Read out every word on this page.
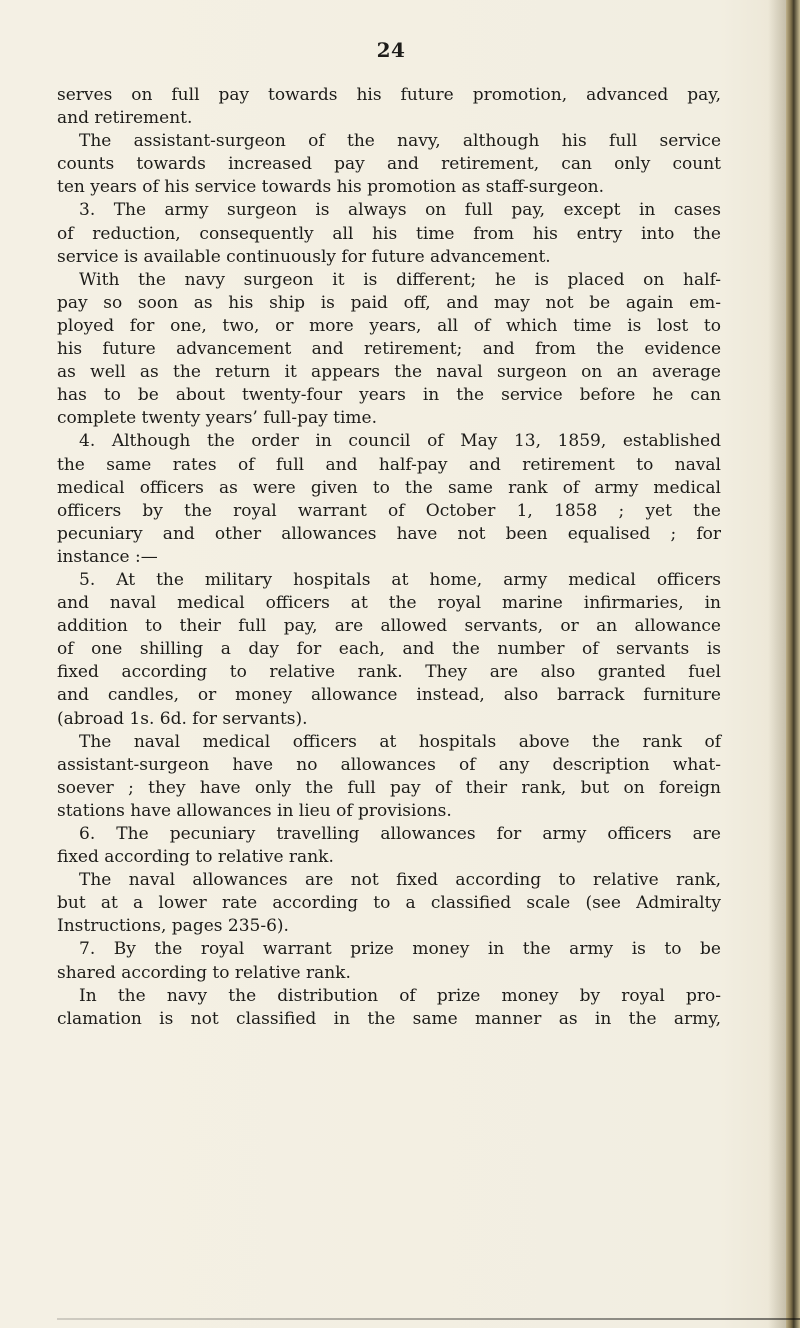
24
serves on full pay towards his future promotion, advanced pay,
and retirement.
The assistant-surgeon of the navy, although his full service
counts towards increased pay and retirement, can only count
ten years of his service towards his promotion as staff-surgeon.
3. The army surgeon is always on full pay, except in cases
of reduction, consequently all his time from his entry into the
service is available continuously for future advancement.
With the navy surgeon it is different; he is placed on half-
pay so soon as his ship is paid off, and may not be again em-
ployed for one, two, or more years, all of which time is lost to
his future advancement and retirement; and from the evidence
as well as the return it appears the naval surgeon on an average
has to be about twenty-four years in the service before he can
complete twenty years’ full-pay time.
4. Although the order in council of May 13, 1859, established
the same rates of full and half-pay and retirement to naval
medical officers as were given to the same rank of army medical
officers by the royal warrant of October 1, 1858 ; yet the
pecuniary and other allowances have not been equalised ; for
instance :—
5. At the military hospitals at home, army medical officers
and naval medical officers at the royal marine infirmaries, in
addition to their full pay, are allowed servants, or an allowance
of one shilling a day for each, and the number of servants is
fixed according to relative rank. They are also granted fuel
and candles, or money allowance instead, also barrack furniture
(abroad 1s. 6d. for servants).
The naval medical officers at hospitals above the rank of
assistant-surgeon have no allowances of any description what-
soever ; they have only the full pay of their rank, but on foreign
stations have allowances in lieu of provisions.
6. The pecuniary travelling allowances for army officers are
fixed according to relative rank.
The naval allowances are not fixed according to relative rank,
but at a lower rate according to a classified scale (see Admiralty
Instructions, pages 235-6).
7. By the royal warrant prize money in the army is to be
shared according to relative rank.
In the navy the distribution of prize money by royal pro-
clamation is not classified in the same manner as in the army,
